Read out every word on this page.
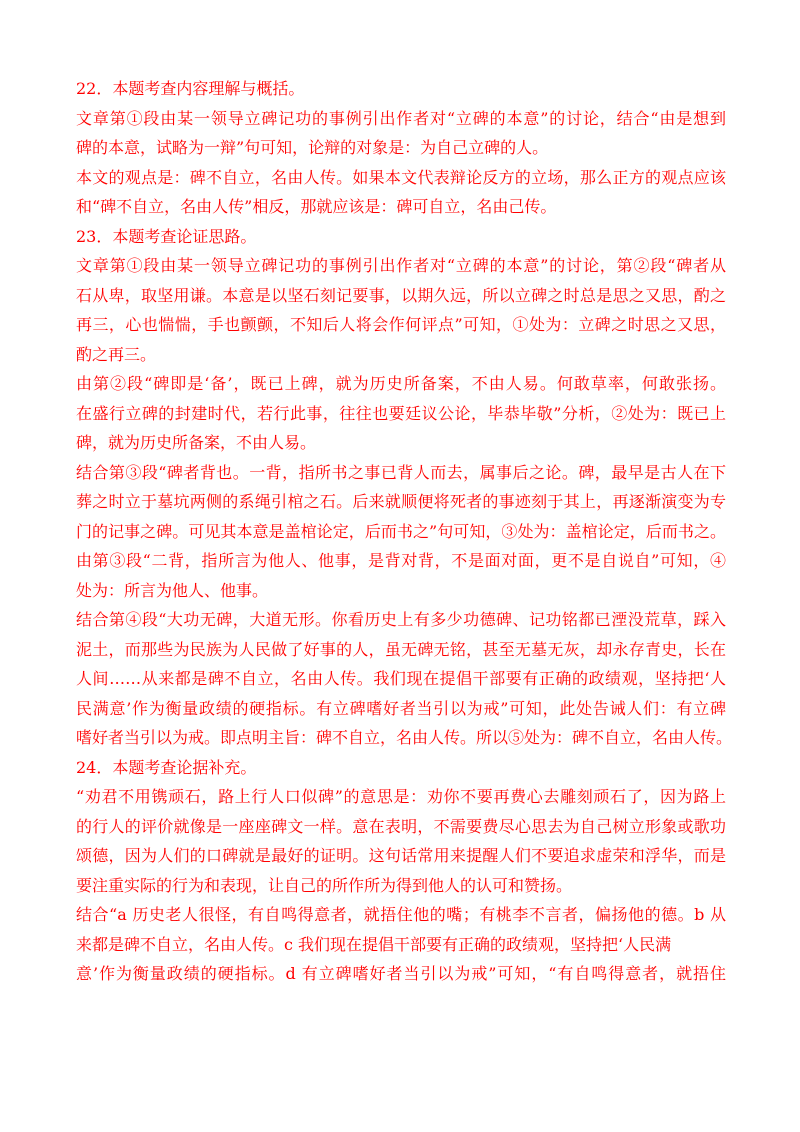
22．本题考查内容理解与概括。
文章第①段由某一领导立碑记功的事例引出作者对“立碑的本意”的讨论，结合“由是想到
碑的本意，试略为一辩”句可知，论辩的对象是：为自己立碑的人。
本文的观点是：碑不自立，名由人传。如果本文代表辩论反方的立场，那么正方的观点应该
和“碑不自立，名由人传”相反，那就应该是：碑可自立，名由己传。
23．本题考查论证思路。
文章第①段由某一领导立碑记功的事例引出作者对“立碑的本意”的讨论，第②段“碑者从
石从卑，取坚用谦。本意是以坚石刻记要事，以期久远，所以立碑之时总是思之又思，酌之
再三，心也惴惴，手也颤颤，不知后人将会作何评点”可知，①处为：立碑之时思之又思，
酌之再三。
由第②段“碑即是‘备’，既已上碑，就为历史所备案，不由人易。何敢草率，何敢张扬。
在盛行立碑的封建时代，若行此事，往往也要廷议公论，毕恭毕敬”分析，②处为：既已上
碑，就为历史所备案，不由人易。
结合第③段“碑者背也。一背，指所书之事已背人而去，属事后之论。碑，最早是古人在下
葬之时立于墓坑两侧的系绳引棺之石。后来就顺便将死者的事迹刻于其上，再逐渐演变为专
门的记事之碑。可见其本意是盖棺论定，后而书之”句可知，③处为：盖棺论定，后而书之。
由第③段“二背，指所言为他人、他事，是背对背，不是面对面，更不是自说自”可知，④
处为：所言为他人、他事。
结合第④段“大功无碑，大道无形。你看历史上有多少功德碑、记功铭都已湮没荒草，踩入
泥土，而那些为民族为人民做了好事的人，虽无碑无铭，甚至无墓无灰，却永存青史，长在
人间……从来都是碑不自立，名由人传。我们现在提倡干部要有正确的政绩观，坚持把‘人
民满意’作为衡量政绩的硬指标。有立碑嗜好者当引以为戒”可知，此处告诫人们：有立碑
嗜好者当引以为戒。即点明主旨：碑不自立，名由人传。所以⑤处为：碑不自立，名由人传。
24．本题考查论据补充。
“劝君不用镌顽石，路上行人口似碑”的意思是：劝你不要再费心去雕刻顽石了，因为路上
的行人的评价就像是一座座碑文一样。意在表明，不需要费尽心思去为自己树立形象或歌功
颂德，因为人们的口碑就是最好的证明。这句话常用来提醒人们不要追求虚荣和浮华，而是
要注重实际的行为和表现，让自己的所作所为得到他人的认可和赞扬。
结合“a 历史老人很怪，有自鸣得意者，就捂住他的嘴；有桃李不言者，偏扬他的德。b 从
来都是碑不自立，名由人传。c 我们现在提倡干部要有正确的政绩观，坚持把‘人民满
意’作为衡量政绩的硬指标。d 有立碑嗜好者当引以为戒”可知，“有自鸣得意者，就捂住
